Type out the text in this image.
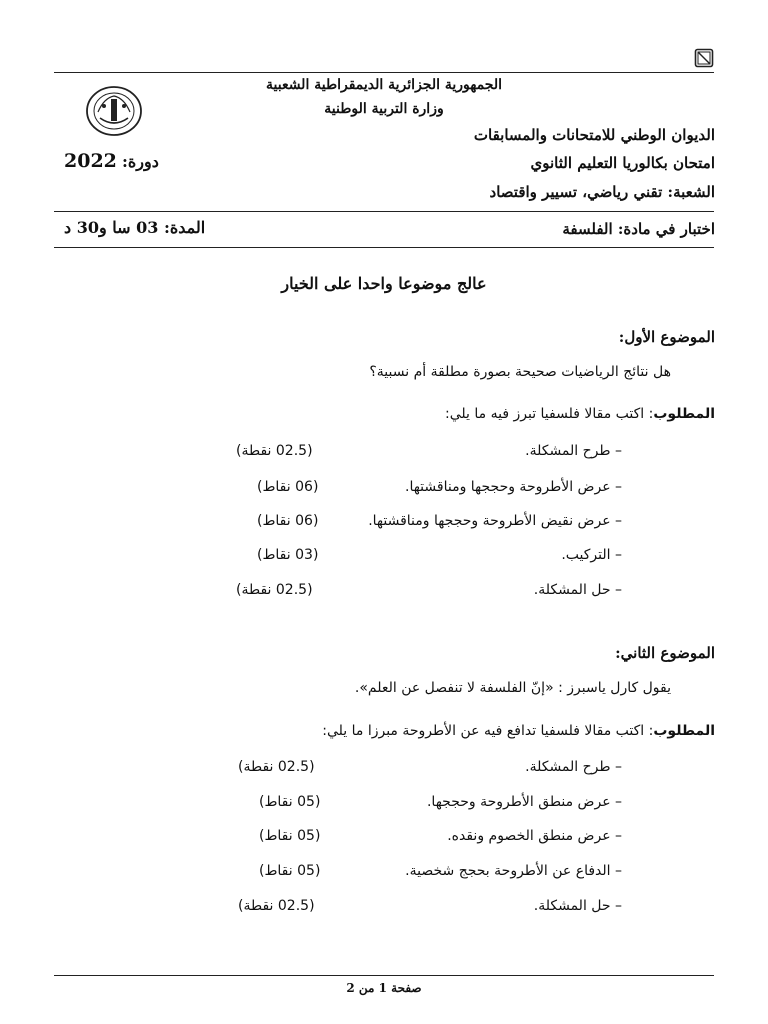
الجمهورية الجزائرية الديمقراطية الشعبية
وزارة التربية الوطنية
الديوان الوطني للامتحانات والمسابقات
امتحان بكالوريا التعليم الثانوي
الشعبة: تقني رياضي، تسيير واقتصاد
دورة: 2022
اختبار في مادة: الفلسفة
المدة: 03 سا و30 د
عالج موضوعا واحدا على الخيار
الموضوع الأول:
هل نتائج الرياضيات صحيحة بصورة مطلقة أم نسبية؟
المطلوب: اكتب مقالا فلسفيا تبرز فيه ما يلي:
– طرح المشكلة.
(02.5 نقطة)
– عرض الأطروحة وحججها ومناقشتها.
(06 نقاط)
– عرض نقيض الأطروحة وحججها ومناقشتها.
(06 نقاط)
– التركيب.
(03 نقاط)
– حل المشكلة.
(02.5 نقطة)
الموضوع الثاني:
يقول كارل ياسبرز : «إنّ الفلسفة لا تنفصل عن العلم».
المطلوب: اكتب مقالا فلسفيا تدافع فيه عن الأطروحة مبرزا ما يلي:
– طرح المشكلة.
(02.5 نقطة)
– عرض منطق الأطروحة وحججها.
(05 نقاط)
– عرض منطق الخصوم ونقده.
(05 نقاط)
– الدفاع عن الأطروحة بحجج شخصية.
(05 نقاط)
– حل المشكلة.
(02.5 نقطة)
صفحة 1 من 2
